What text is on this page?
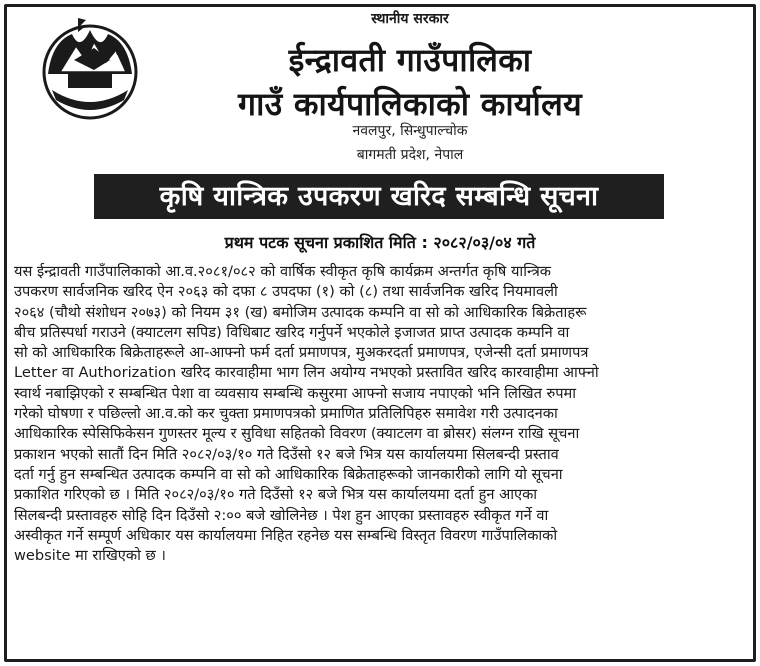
स्थानीय सरकार
ईन्द्रावती गाउँपालिका
गाउँ कार्यपालिकाको कार्यालय
नवलपुर, सिन्धुपाल्चोक
बागमती प्रदेश, नेपाल
कृषि यान्त्रिक उपकरण खरिद सम्बन्धि सूचना
प्रथम पटक सूचना प्रकाशित मिति : २०८२/०३/०४ गते
यस ईन्द्रावती गाउँपालिकाको आ.व.२०८१/०८२ को वार्षिक स्वीकृत कृषि कार्यक्रम अन्तर्गत कृषि यान्त्रिक
उपकरण सार्वजनिक खरिद ऐन २०६३ को दफा ८ उपदफा (१) को (८) तथा सार्वजनिक खरिद नियमावली
२०६४ (चौथो संशोधन २०७३) को नियम ३१ (ख) बमोजिम उत्पादक कम्पनि वा सो को आधिकारिक बिक्रेताहरू
बीच प्रतिस्पर्धा गराउने (क्याटलग सपिड) विधिबाट खरिद गर्नुपर्ने भएकोले इजाजत प्राप्त उत्पादक कम्पनि वा
सो को आधिकारिक बिक्रेताहरूले आ-आफ्नो फर्म दर्ता प्रमाणपत्र, मुअकरदर्ता प्रमाणपत्र, एजेन्सी दर्ता प्रमाणपत्र
Letter वा Authorization खरिद कारवाहीमा भाग लिन अयोग्य नभएको प्रस्तावित खरिद कारवाहीमा आफ्नो
स्वार्थ नबाझिएको र सम्बन्धित पेशा वा व्यवसाय सम्बन्धि कसुरमा आफ्नो सजाय नपाएको भनि लिखित रुपमा
गरेको घोषणा र पछिल्लो आ.व.को कर चुक्ता प्रमाणपत्रको प्रमाणित प्रतिलिपिहरु समावेश गरी उत्पादनका
आधिकारिक स्पेसिफिकेसन गुणस्तर मूल्य र सुविधा सहितको विवरण (क्याटलग वा ब्रोसर) संलग्न राखि सूचना
प्रकाशन भएको सातौं दिन मिति २०८२/०३/१० गते दिउँसो १२ बजे भित्र यस कार्यालयमा सिलबन्दी प्रस्ताव
दर्ता गर्नु हुन सम्बन्धित उत्पादक कम्पनि वा सो को आधिकारिक बिक्रेताहरूको जानकारीको लागि यो सूचना
प्रकाशित गरिएको छ । मिति २०८२/०३/१० गते दिउँसो १२ बजे भित्र यस कार्यालयमा दर्ता हुन आएका
सिलबन्दी प्रस्तावहरु सोहि दिन दिउँसो २:०० बजे खोलिनेछ । पेश हुन आएका प्रस्तावहरु स्वीकृत गर्ने वा
अस्वीकृत गर्ने सम्पूर्ण अधिकार यस कार्यालयमा निहित रहनेछ यस सम्बन्धि विस्तृत विवरण गाउँपालिकाको
website मा राखिएको छ ।
